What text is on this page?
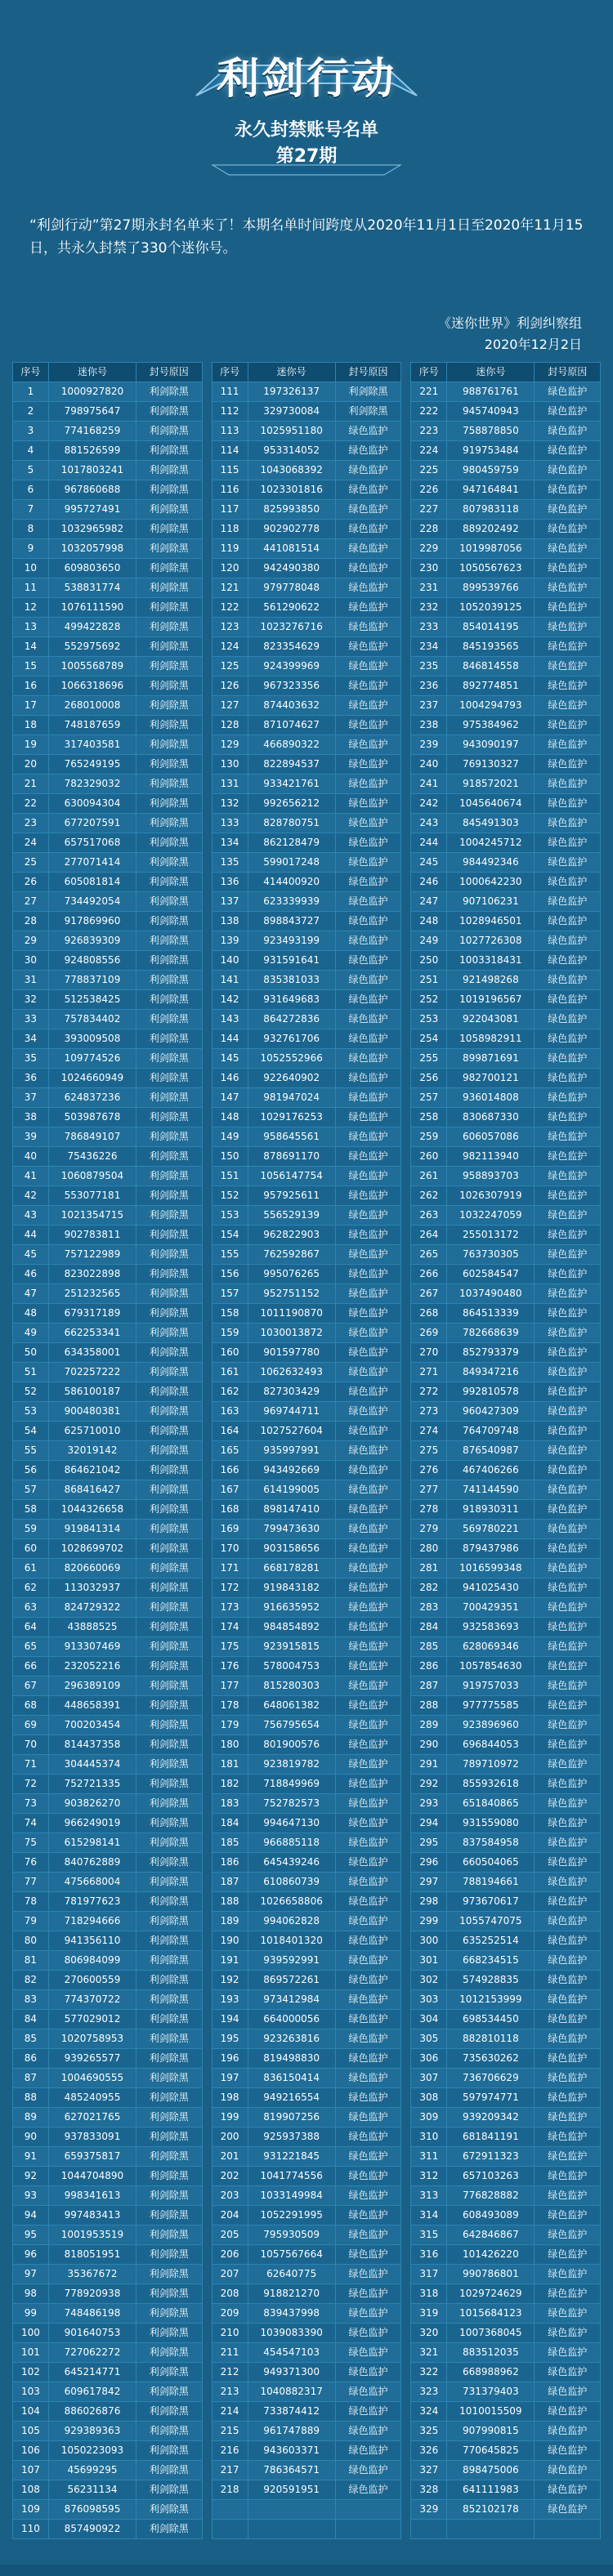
利剑行动
永久封禁账号名单
第27期
“利剑行动”第27期永封名单来了！本期名单时间跨度从2020年11月1日至2020年11月15日，共永久封禁了330个迷你号。
《迷你世界》利剑纠察组
2020年12月2日
序号	迷你号	封号原因		序号	迷你号	封号原因		序号	迷你号	封号原因
1	1000927820	利剑除黑		111	197326137	利剑除黑		221	988761761	绿色监护
2	798975647	利剑除黑		112	329730084	利剑除黑		222	945740943	绿色监护
3	774168259	利剑除黑		113	1025951180	绿色监护		223	758878850	绿色监护
4	881526599	利剑除黑		114	953314052	绿色监护		224	919753484	绿色监护
5	1017803241	利剑除黑		115	1043068392	绿色监护		225	980459759	绿色监护
6	967860688	利剑除黑		116	1023301816	绿色监护		226	947164841	绿色监护
7	995727491	利剑除黑		117	825993850	绿色监护		227	807983118	绿色监护
8	1032965982	利剑除黑		118	902902778	绿色监护		228	889202492	绿色监护
9	1032057998	利剑除黑		119	441081514	绿色监护		229	1019987056	绿色监护
10	609803650	利剑除黑		120	942490380	绿色监护		230	1050567623	绿色监护
11	538831774	利剑除黑		121	979778048	绿色监护		231	899539766	绿色监护
12	1076111590	利剑除黑		122	561290622	绿色监护		232	1052039125	绿色监护
13	499422828	利剑除黑		123	1023276716	绿色监护		233	854014195	绿色监护
14	552975692	利剑除黑		124	823354629	绿色监护		234	845193565	绿色监护
15	1005568789	利剑除黑		125	924399969	绿色监护		235	846814558	绿色监护
16	1066318696	利剑除黑		126	967323356	绿色监护		236	892774851	绿色监护
17	268010008	利剑除黑		127	874403632	绿色监护		237	1004294793	绿色监护
18	748187659	利剑除黑		128	871074627	绿色监护		238	975384962	绿色监护
19	317403581	利剑除黑		129	466890322	绿色监护		239	943090197	绿色监护
20	765249195	利剑除黑		130	822894537	绿色监护		240	769130327	绿色监护
21	782329032	利剑除黑		131	933421761	绿色监护		241	918572021	绿色监护
22	630094304	利剑除黑		132	992656212	绿色监护		242	1045640674	绿色监护
23	677207591	利剑除黑		133	828780751	绿色监护		243	845491303	绿色监护
24	657517068	利剑除黑		134	862128479	绿色监护		244	1004245712	绿色监护
25	277071414	利剑除黑		135	599017248	绿色监护		245	984492346	绿色监护
26	605081814	利剑除黑		136	414400920	绿色监护		246	1000642230	绿色监护
27	734492054	利剑除黑		137	623339939	绿色监护		247	907106231	绿色监护
28	917869960	利剑除黑		138	898843727	绿色监护		248	1028946501	绿色监护
29	926839309	利剑除黑		139	923493199	绿色监护		249	1027726308	绿色监护
30	924808556	利剑除黑		140	931591641	绿色监护		250	1003318431	绿色监护
31	778837109	利剑除黑		141	835381033	绿色监护		251	921498268	绿色监护
32	512538425	利剑除黑		142	931649683	绿色监护		252	1019196567	绿色监护
33	757834402	利剑除黑		143	864272836	绿色监护		253	922043081	绿色监护
34	393009508	利剑除黑		144	932761706	绿色监护		254	1058982911	绿色监护
35	109774526	利剑除黑		145	1052552966	绿色监护		255	899871691	绿色监护
36	1024660949	利剑除黑		146	922640902	绿色监护		256	982700121	绿色监护
37	624837236	利剑除黑		147	981947024	绿色监护		257	936014808	绿色监护
38	503987678	利剑除黑		148	1029176253	绿色监护		258	830687330	绿色监护
39	786849107	利剑除黑		149	958645561	绿色监护		259	606057086	绿色监护
40	75436226	利剑除黑		150	878691170	绿色监护		260	982113940	绿色监护
41	1060879504	利剑除黑		151	1056147754	绿色监护		261	958893703	绿色监护
42	553077181	利剑除黑		152	957925611	绿色监护		262	1026307919	绿色监护
43	1021354715	利剑除黑		153	556529139	绿色监护		263	1032247059	绿色监护
44	902783811	利剑除黑		154	962822903	绿色监护		264	255013172	绿色监护
45	757122989	利剑除黑		155	762592867	绿色监护		265	763730305	绿色监护
46	823022898	利剑除黑		156	995076265	绿色监护		266	602584547	绿色监护
47	251232565	利剑除黑		157	952751152	绿色监护		267	1037490480	绿色监护
48	679317189	利剑除黑		158	1011190870	绿色监护		268	864513339	绿色监护
49	662253341	利剑除黑		159	1030013872	绿色监护		269	782668639	绿色监护
50	634358001	利剑除黑		160	901597780	绿色监护		270	852793379	绿色监护
51	702257222	利剑除黑		161	1062632493	绿色监护		271	849347216	绿色监护
52	586100187	利剑除黑		162	827303429	绿色监护		272	992810578	绿色监护
53	900480381	利剑除黑		163	969744711	绿色监护		273	960427309	绿色监护
54	625710010	利剑除黑		164	1027527604	绿色监护		274	764709748	绿色监护
55	32019142	利剑除黑		165	935997991	绿色监护		275	876540987	绿色监护
56	864621042	利剑除黑		166	943492669	绿色监护		276	467406266	绿色监护
57	868416427	利剑除黑		167	614199005	绿色监护		277	741144590	绿色监护
58	1044326658	利剑除黑		168	898147410	绿色监护		278	918930311	绿色监护
59	919841314	利剑除黑		169	799473630	绿色监护		279	569780221	绿色监护
60	1028699702	利剑除黑		170	903158656	绿色监护		280	879437986	绿色监护
61	820660069	利剑除黑		171	668178281	绿色监护		281	1016599348	绿色监护
62	113032937	利剑除黑		172	919843182	绿色监护		282	941025430	绿色监护
63	824729322	利剑除黑		173	916635952	绿色监护		283	700429351	绿色监护
64	43888525	利剑除黑		174	984854892	绿色监护		284	932583693	绿色监护
65	913307469	利剑除黑		175	923915815	绿色监护		285	628069346	绿色监护
66	232052216	利剑除黑		176	578004753	绿色监护		286	1057854630	绿色监护
67	296389109	利剑除黑		177	815280303	绿色监护		287	919757033	绿色监护
68	448658391	利剑除黑		178	648061382	绿色监护		288	977775585	绿色监护
69	700203454	利剑除黑		179	756795654	绿色监护		289	923896960	绿色监护
70	814437358	利剑除黑		180	801900576	绿色监护		290	696844053	绿色监护
71	304445374	利剑除黑		181	923819782	绿色监护		291	789710972	绿色监护
72	752721335	利剑除黑		182	718849969	绿色监护		292	855932618	绿色监护
73	903826270	利剑除黑		183	752782573	绿色监护		293	651840865	绿色监护
74	966249019	利剑除黑		184	994647130	绿色监护		294	931559080	绿色监护
75	615298141	利剑除黑		185	966885118	绿色监护		295	837584958	绿色监护
76	840762889	利剑除黑		186	645439246	绿色监护		296	660504065	绿色监护
77	475668004	利剑除黑		187	610860739	绿色监护		297	788194661	绿色监护
78	781977623	利剑除黑		188	1026658806	绿色监护		298	973670617	绿色监护
79	718294666	利剑除黑		189	994062828	绿色监护		299	1055747075	绿色监护
80	941356110	利剑除黑		190	1018401320	绿色监护		300	635252514	绿色监护
81	806984099	利剑除黑		191	939592991	绿色监护		301	668234515	绿色监护
82	270600559	利剑除黑		192	869572261	绿色监护		302	574928835	绿色监护
83	774370722	利剑除黑		193	973412984	绿色监护		303	1012153999	绿色监护
84	577029012	利剑除黑		194	664000056	绿色监护		304	698534450	绿色监护
85	1020758953	利剑除黑		195	923263816	绿色监护		305	882810118	绿色监护
86	939265577	利剑除黑		196	819498830	绿色监护		306	735630262	绿色监护
87	1004690555	利剑除黑		197	836150414	绿色监护		307	736706629	绿色监护
88	485240955	利剑除黑		198	949216554	绿色监护		308	597974771	绿色监护
89	627021765	利剑除黑		199	819907256	绿色监护		309	939209342	绿色监护
90	937833091	利剑除黑		200	925937388	绿色监护		310	681841191	绿色监护
91	659375817	利剑除黑		201	931221845	绿色监护		311	672911323	绿色监护
92	1044704890	利剑除黑		202	1041774556	绿色监护		312	657103263	绿色监护
93	998341613	利剑除黑		203	1033149984	绿色监护		313	776828882	绿色监护
94	997483413	利剑除黑		204	1052291995	绿色监护		314	608493089	绿色监护
95	1001953519	利剑除黑		205	795930509	绿色监护		315	642846867	绿色监护
96	818051951	利剑除黑		206	1057567664	绿色监护		316	101426220	绿色监护
97	35367672	利剑除黑		207	62640775	绿色监护		317	990786801	绿色监护
98	778920938	利剑除黑		208	918821270	绿色监护		318	1029724629	绿色监护
99	748486198	利剑除黑		209	839437998	绿色监护		319	1015684123	绿色监护
100	901640753	利剑除黑		210	1039083390	绿色监护		320	1007368045	绿色监护
101	727062272	利剑除黑		211	454547103	绿色监护		321	883512035	绿色监护
102	645214771	利剑除黑		212	949371300	绿色监护		322	668988962	绿色监护
103	609617842	利剑除黑		213	1040882317	绿色监护		323	731379403	绿色监护
104	886026876	利剑除黑		214	733874412	绿色监护		324	1010015509	绿色监护
105	929389363	利剑除黑		215	961747889	绿色监护		325	907990815	绿色监护
106	1050223093	利剑除黑		216	943603371	绿色监护		326	770645825	绿色监护
107	45699295	利剑除黑		217	786364571	绿色监护		327	898475006	绿色监护
108	56231134	利剑除黑		218	920591951	绿色监护		328	641111983	绿色监护
109	876098595	利剑除黑						329	852102178	绿色监护
110	857490922	利剑除黑								
